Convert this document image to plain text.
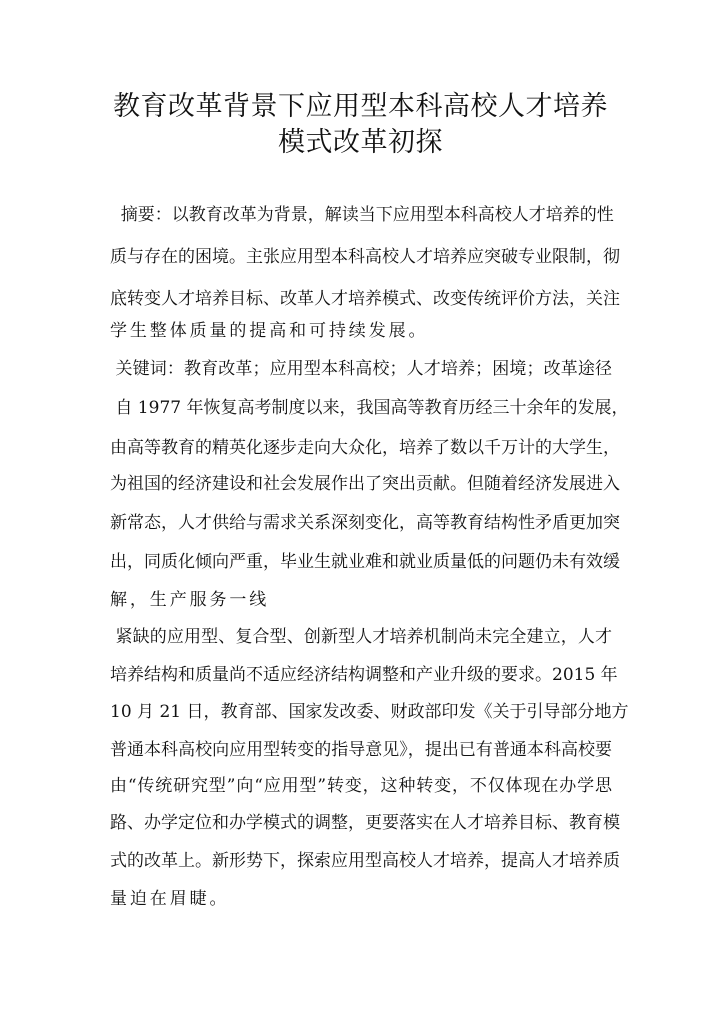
教育改革背景下应用型本科高校人才培养
模式改革初探
摘要：以教育改革为背景，解读当下应用型本科高校人才培养的性
质与存在的困境。主张应用型本科高校人才培养应突破专业限制，彻
底转变人才培养目标、改革人才培养模式、改变传统评价方法，关注
学生整体质量的提高和可持续发展。
关键词：教育改革；应用型本科高校；人才培养；困境；改革途径
自 1977 年恢复高考制度以来，我国高等教育历经三十余年的发展，
由高等教育的精英化逐步走向大众化，培养了数以千万计的大学生，
为祖国的经济建设和社会发展作出了突出贡献。但随着经济发展进入
新常态，人才供给与需求关系深刻变化，高等教育结构性矛盾更加突
出，同质化倾向严重，毕业生就业难和就业质量低的问题仍未有效缓
解，生产服务一线
紧缺的应用型、复合型、创新型人才培养机制尚未完全建立，人才
培养结构和质量尚不适应经济结构调整和产业升级的要求。2015 年
10 月 21 日，教育部、国家发改委、财政部印发《关于引导部分地方
普通本科高校向应用型转变的指导意见》，提出已有普通本科高校要
由“传统研究型”向“应用型”转变，这种转变，不仅体现在办学思
路、办学定位和办学模式的调整，更要落实在人才培养目标、教育模
式的改革上。新形势下，探索应用型高校人才培养，提高人才培养质
量迫在眉睫。
